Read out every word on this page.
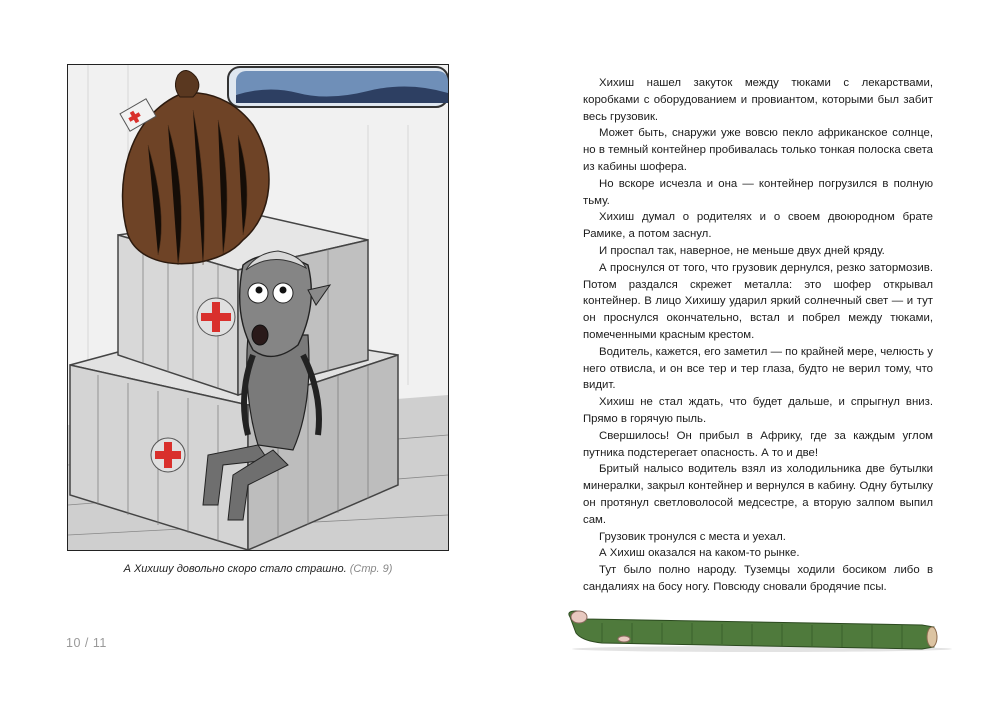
А Хихишу довольно скоро стало страшно. (Стр. 9)
10 / 11

Хихиш нашел закуток между тюками с лекарствами, коробками с оборудованием и провиантом, которыми был забит весь грузовик.

Может быть, снаружи уже вовсю пекло африканское солнце, но в темный контейнер пробивалась только тонкая полоска света из кабины шофера.

Но вскоре исчезла и она — контейнер погрузился в полную тьму.

Хихиш думал о родителях и о своем двоюродном брате Рамике, а потом заснул.

И проспал так, наверное, не меньше двух дней кряду.

А проснулся от того, что грузовик дернулся, резко затормозив. Потом раздался скрежет металла: это шофер открывал контейнер. В лицо Хихишу ударил яркий солнечный свет — и тут он проснулся окончательно, встал и побрел между тюками, помеченными красным крестом.

Водитель, кажется, его заметил — по крайней мере, челюсть у него отвисла, и он все тер и тер глаза, будто не верил тому, что видит.

Хихиш не стал ждать, что будет дальше, и спрыгнул вниз. Прямо в горячую пыль.

Свершилось! Он прибыл в Африку, где за каждым углом путника подстерегает опасность. А то и две!

Бритый налысо водитель взял из холодильника две бутылки минералки, закрыл контейнер и вернулся в кабину. Одну бутылку он протянул светловолосой медсестре, а вторую залпом выпил сам.

Грузовик тронулся с места и уехал.

А Хихиш оказался на каком-то рынке.

Тут было полно народу. Туземцы ходили босиком либо в сандалиях на босу ногу. Повсюду сновали бродячие псы.
